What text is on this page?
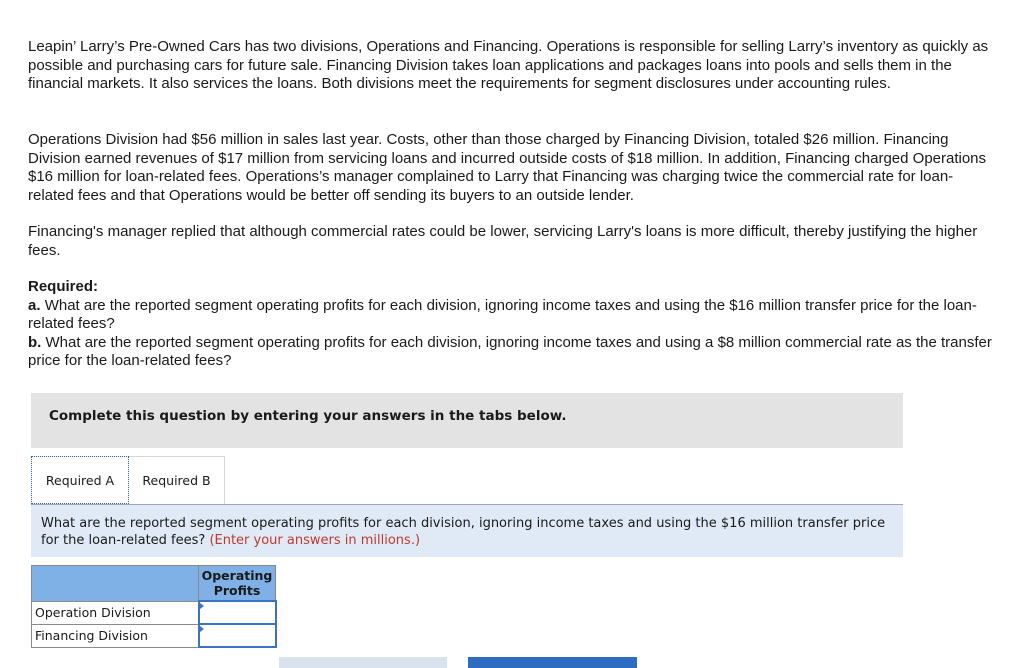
Leapin’ Larry’s Pre-Owned Cars has two divisions, Operations and Financing. Operations is responsible for selling Larry’s inventory as quickly as possible and purchasing cars for future sale. Financing Division takes loan applications and packages loans into pools and sells them in the financial markets. It also services the loans. Both divisions meet the requirements for segment disclosures under accounting rules.

Operations Division had $56 million in sales last year. Costs, other than those charged by Financing Division, totaled $26 million. Financing Division earned revenues of $17 million from servicing loans and incurred outside costs of $18 million. In addition, Financing charged Operations $16 million for loan-related fees. Operations’s manager complained to Larry that Financing was charging twice the commercial rate for loan-related fees and that Operations would be better off sending its buyers to an outside lender.

Financing's manager replied that although commercial rates could be lower, servicing Larry's loans is more difficult, thereby justifying the higher fees.

Required:
a. What are the reported segment operating profits for each division, ignoring income taxes and using the $16 million transfer price for the loan-related fees?
b. What are the reported segment operating profits for each division, ignoring income taxes and using a $8 million commercial rate as the transfer price for the loan-related fees?
Complete this question by entering your answers in the tabs below.
Required A Required B

What are the reported segment operating profits for each division, ignoring income taxes and using the $16 million transfer price for the loan-related fees? (Enter your answers in millions.)

	Operating Profits
Operation Division	

Financing Division	
